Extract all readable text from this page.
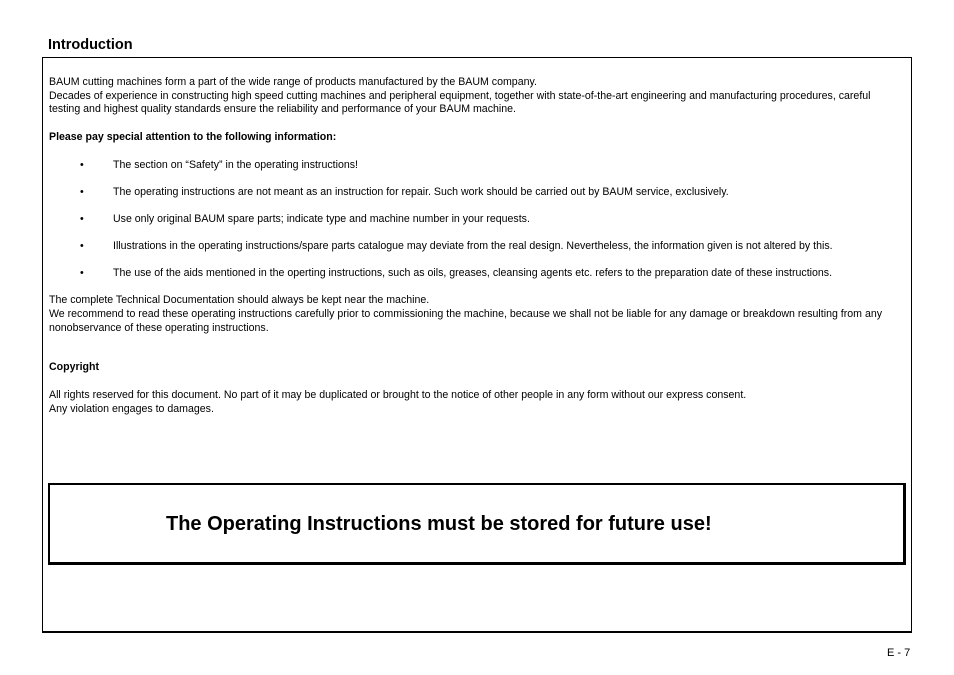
Introduction

BAUM cutting machines form a part of the wide range of products manufactured by the BAUM company.
Decades of experience in constructing high speed cutting machines and peripheral equipment, together with state-of-the-art engineering and manufacturing procedures, careful testing and highest quality standards ensure the reliability and performance of your BAUM machine.

Please pay special attention to the following information:

•	The section on “Safety” in the operating instructions!
•	The operating instructions are not meant as an instruction for repair. Such work should be carried out by BAUM service, exclusively.
•	Use only original BAUM spare parts; indicate type and machine number in your requests.
•	Illustrations in the operating instructions/spare parts catalogue may deviate from the real design. Nevertheless, the information given is not altered by this.
•	The use of the aids mentioned in the operting instructions, such as oils, greases, cleansing agents etc. refers to the preparation date of these instructions.

The complete Technical Documentation should always be kept near the machine.
We recommend to read these operating instructions carefully prior to commissioning the machine, because we shall not be liable for any damage or breakdown resulting from any nonobservance of these operating instructions.

Copyright

All rights reserved for this document. No part of it may be duplicated or brought to the notice of other people in any form without our express consent.
Any violation engages to damages.

The Operating Instructions must be stored for future use!
E - 7
